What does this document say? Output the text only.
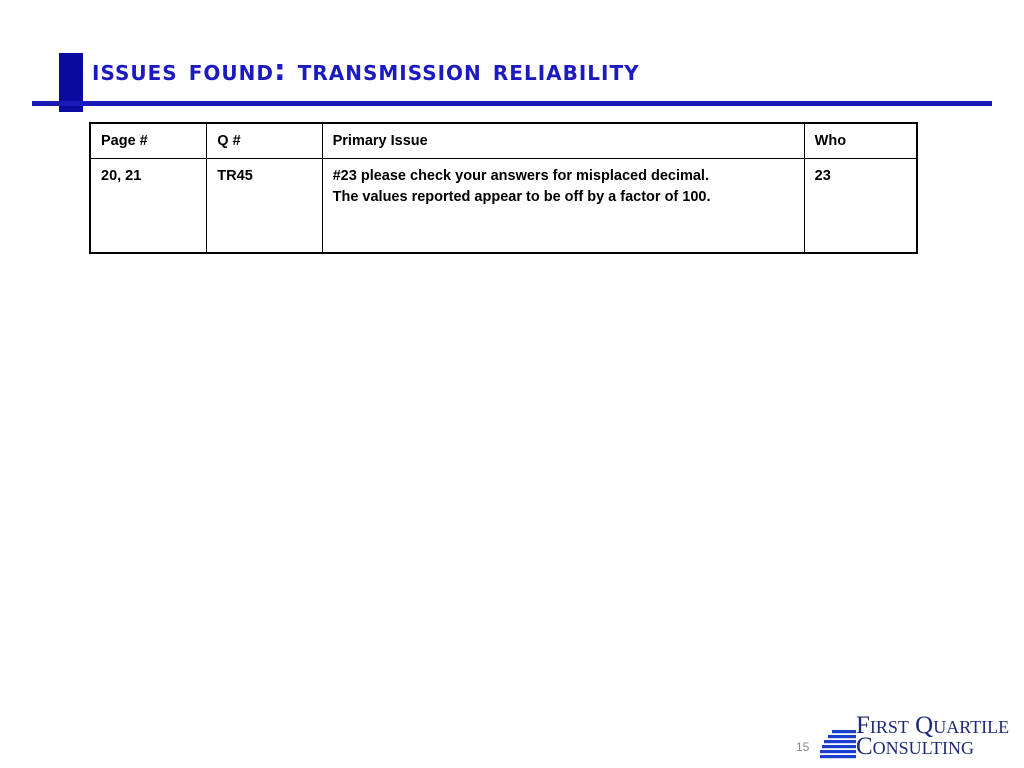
issues found: transmission reliability
Page #	Q #	Primary Issue	Who
20, 21	TR45	#23 please check your answers for misplaced decimal.
The values reported appear to be off by a factor of 100.	23
15
First Quartile
Consulting
